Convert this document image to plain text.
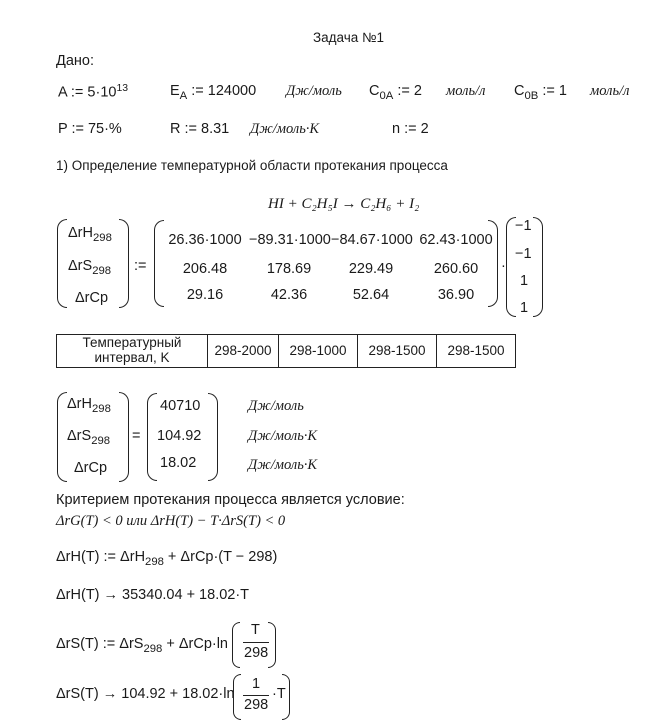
Задача №1
Дано:
A := $5\cdot 10^{13}$	$E_A$ := 124000 Дж/моль $C_{0A}$ := 2 моль/л $C_{0B}$ := 1 моль/л
P := 75·%	R := 8.31 Дж/моль·K	n := 2
1) Определение температурной области протекания процесса
HI + C₂H₅I → C₂H₆ + I₂
ΔrH$_{298}$
ΔrS$_{298}$
ΔrCp
:=
26.36·1000 −89.31·1000 −84.67·1000 62.43·1000
206.48	178.69	229.49	260.60
29.16	42.36	52.64	36.90
·
−1
−1
1
1
Температурный интервал, K	298-2000	298-1000	298-1500	298-1500
ΔrH$_{298}$
ΔrS$_{298}$
ΔrCp
=
40710
104.92
18.02
Дж/моль
Дж/моль·K
Дж/моль·K
Критерием протекания процесса является условие:
ΔrG(T) < 0 или ΔrH(T) − T·ΔrS(T) < 0
ΔrH(T) := ΔrH$_{298}$ + ΔrCp·(T − 298)
ΔrH(T) → 35340.04 + 18.02·T
ΔrS(T) := ΔrS$_{298}$ + ΔrCp·ln
T
298
ΔrS(T) → 104.92 + 18.02·ln
1
298
·T
